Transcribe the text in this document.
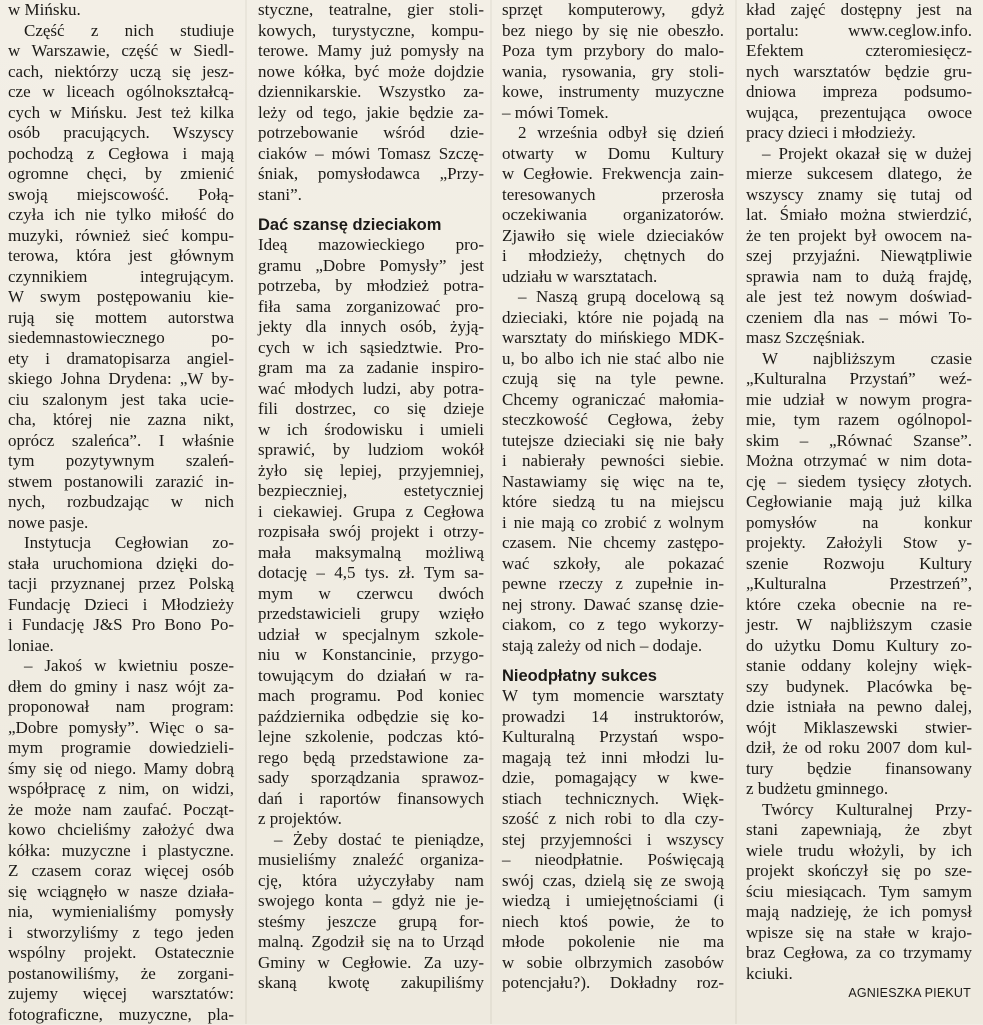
w Mińsku.
Część z nich studiuje
w Warszawie, część w Siedl-
cach, niektórzy uczą się jesz-
cze w liceach ogólnokształcą-
cych w Mińsku. Jest też kilka
osób pracujących. Wszyscy
pochodzą z Cegłowa i mają
ogromne chęci, by zmienić
swoją miejscowość. Połą-
czyła ich nie tylko miłość do
muzyki, również sieć kompu-
terowa, która jest głównym
czynnikiem integrującym.
W swym postępowaniu kie-
rują się mottem autorstwa
siedemnastowiecznego po-
ety i dramatopisarza angiel-
skiego Johna Drydena: „W by-
ciu szalonym jest taka ucie-
cha, której nie zazna nikt,
oprócz szaleńca”. I właśnie
tym pozytywnym szaleń-
stwem postanowili zarazić in-
nych, rozbudzając w nich
nowe pasje.
Instytucja Cegłowian zo-
stała uruchomiona dzięki do-
tacji przyznanej przez Polską
Fundację Dzieci i Młodzieży
i Fundację J&S Pro Bono Po-
loniae.
– Jakoś w kwietniu posze-
dłem do gminy i nasz wójt za-
proponował nam program:
„Dobre pomysły”. Więc o sa-
mym programie dowiedzieli-
śmy się od niego. Mamy dobrą
współpracę z nim, on widzi,
że może nam zaufać. Począt-
kowo chcieliśmy założyć dwa
kółka: muzyczne i plastyczne.
Z czasem coraz więcej osób
się wciągnęło w nasze działa-
nia, wymienialiśmy pomysły
i stworzyliśmy z tego jeden
wspólny projekt. Ostatecznie
postanowiliśmy, że zorgani-
zujemy więcej warsztatów:
fotograficzne, muzyczne, pla-
styczne, teatralne, gier stoli-
kowych, turystyczne, kompu-
terowe. Mamy już pomysły na
nowe kółka, być może dojdzie
dziennikarskie. Wszystko za-
leży od tego, jakie będzie za-
potrzebowanie wśród dzie-
ciaków – mówi Tomasz Szczę-
śniak, pomysłodawca „Przy-
stani”.
Dać szansę dzieciakom
Ideą mazowieckiego pro-
gramu „Dobre Pomysły” jest
potrzeba, by młodzież potra-
fiła sama zorganizować pro-
jekty dla innych osób, żyją-
cych w ich sąsiedztwie. Pro-
gram ma za zadanie inspiro-
wać młodych ludzi, aby potra-
fili dostrzec, co się dzieje
w ich środowisku i umieli
sprawić, by ludziom wokół
żyło się lepiej, przyjemniej,
bezpieczniej, estetyczniej
i ciekawiej. Grupa z Cegłowa
rozpisała swój projekt i otrzy-
mała maksymalną możliwą
dotację – 4,5 tys. zł. Tym sa-
mym w czerwcu dwóch
przedstawicieli grupy wzięło
udział w specjalnym szkole-
niu w Konstancinie, przygo-
towującym do działań w ra-
mach programu. Pod koniec
października odbędzie się ko-
lejne szkolenie, podczas któ-
rego będą przedstawione za-
sady sporządzania sprawoz-
dań i raportów finansowych
z projektów.
– Żeby dostać te pieniądze,
musieliśmy znaleźć organiza-
cję, która użyczyłaby nam
swojego konta – gdyż nie je-
steśmy jeszcze grupą for-
malną. Zgodził się na to Urząd
Gminy w Cegłowie. Za uzy-
skaną kwotę zakupiliśmy
sprzęt komputerowy, gdyż
bez niego by się nie obeszło.
Poza tym przybory do malo-
wania, rysowania, gry stoli-
kowe, instrumenty muzyczne
– mówi Tomek.
2 września odbył się dzień
otwarty w Domu Kultury
w Cegłowie. Frekwencja zain-
teresowanych przerosła
oczekiwania organizatorów.
Zjawiło się wiele dzieciaków
i młodzieży, chętnych do
udziału w warsztatach.
– Naszą grupą docelową są
dzieciaki, które nie pojadą na
warsztaty do mińskiego MDK-
u, bo albo ich nie stać albo nie
czują się na tyle pewne.
Chcemy ograniczać małomia-
steczkowość Cegłowa, żeby
tutejsze dzieciaki się nie bały
i nabierały pewności siebie.
Nastawiamy się więc na te,
które siedzą tu na miejscu
i nie mają co zrobić z wolnym
czasem. Nie chcemy zastępo-
wać szkoły, ale pokazać
pewne rzeczy z zupełnie in-
nej strony. Dawać szansę dzie-
ciakom, co z tego wykorzy-
stają zależy od nich – dodaje.
Nieodpłatny sukces
W tym momencie warsztaty
prowadzi 14 instruktorów,
Kulturalną Przystań wspo-
magają też inni młodzi lu-
dzie, pomagający w kwe-
stiach technicznych. Więk-
szość z nich robi to dla czy-
stej przyjemności i wszyscy
– nieodpłatnie. Poświęcają
swój czas, dzielą się ze swoją
wiedzą i umiejętnościami (i
niech ktoś powie, że to
młode pokolenie nie ma
w sobie olbrzymich zasobów
potencjału?). Dokładny roz-
kład zajęć dostępny jest na
portalu: www.ceglow.info.
Efektem czteromiesięcz-
nych warsztatów będzie gru-
dniowa impreza podsumo-
wująca, prezentująca owoce
pracy dzieci i młodzieży.
– Projekt okazał się w dużej
mierze sukcesem dlatego, że
wszyscy znamy się tutaj od
lat. Śmiało można stwierdzić,
że ten projekt był owocem na-
szej przyjaźni. Niewątpliwie
sprawia nam to dużą frajdę,
ale jest też nowym doświad-
czeniem dla nas – mówi To-
masz Szczęśniak.
W najbliższym czasie
„Kulturalna Przystań” weź-
mie udział w nowym progra-
mie, tym razem ogólnopol-
skim – „Równać Szanse”.
Można otrzymać w nim dota-
cję – siedem tysięcy złotych.
Cegłowianie mają już kilka
pomysłów na konkur
projekty. Założyli Stow y-
szenie Rozwoju Kultury
„Kulturalna Przestrzeń”,
które czeka obecnie na re-
jestr. W najbliższym czasie
do użytku Domu Kultury zo-
stanie oddany kolejny więk-
szy budynek. Placówka bę-
dzie istniała na pewno dalej,
wójt Miklaszewski stwier-
dził, że od roku 2007 dom kul-
tury będzie finansowany
z budżetu gminnego.
Twórcy Kulturalnej Przy-
stani zapewniają, że zbyt
wiele trudu włożyli, by ich
projekt skończył się po sze-
ściu miesiącach. Tym samym
mają nadzieję, że ich pomysł
wpisze się na stałe w krajo-
braz Cegłowa, za co trzymamy
kciuki.
AGNIESZKA PIEKUT
